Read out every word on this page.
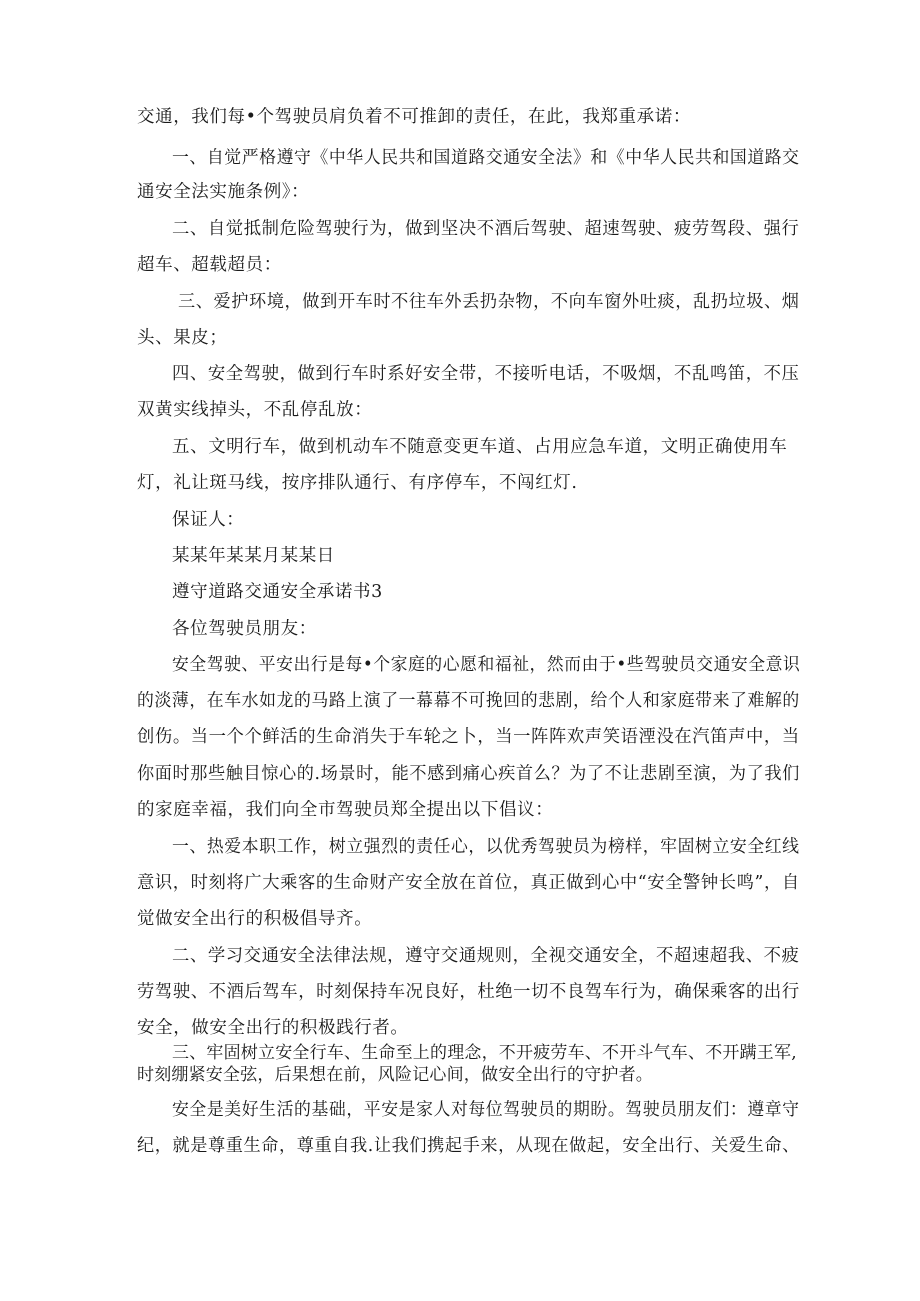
交通，我们每•个驾驶员肩负着不可推卸的责任，在此，我郑重承诺：
一、自觉严格遵守《中华人民共和国道路交通安全法》和《中华人民共和国道路交
通安全法实施条例》：
二、自觉抵制危险驾驶行为，做到坚决不酒后驾驶、超速驾驶、疲劳驾段、强行
超车、超载超员：
三、爱护环境，做到开车时不往车外丢扔杂物，不向车窗外吐痰，乱扔垃圾、烟
头、果皮；
四、安全驾驶，做到行车时系好安全带，不接听电话，不吸烟，不乱鸣笛，不压
双黄实线掉头，不乱停乱放：
五、文明行车，做到机动车不随意变更车道、占用应急车道，文明正确使用车
灯，礼让斑马线，按序排队通行、有序停车，不闯红灯.
保证人：
某某年某某月某某日
遵守道路交通安全承诺书3
各位驾驶员朋友：
安全驾驶、平安出行是每•个家庭的心愿和福祉，然而由于•些驾驶员交通安全意识
的淡薄，在车水如龙的马路上演了一幕幕不可挽回的悲剧，给个人和家庭带来了难解的
创伤。当一个个鲜活的生命消失于车轮之卜，当一阵阵欢声笑语湮没在汽笛声中，当
你面时那些触目惊心的.场景时，能不感到痛心疾首么？为了不让悲剧至演，为了我们
的家庭幸福，我们向全市驾驶员郑全提出以下倡议：
一、热爱本职工作，树立强烈的责任心，以优秀驾驶员为榜样，牢固树立安全红线
意识，时刻将广大乘客的生命财产安全放在首位，真正做到心中“安全警钟长鸣”，自
觉做安全出行的积极倡导齐。
二、学习交通安全法律法规，遵守交通规则，全视交通安全，不超速超我、不疲
劳驾驶、不酒后驾车，时刻保持车况良好，杜绝一切不良驾车行为，确保乘客的出行
安全，做安全出行的积极践行者。
三、牢固树立安全行车、生命至上的理念，不开疲劳车、不开斗气车、不开蹒王军,
时刻绷紧安全弦，后果想在前，风险记心间，做安全出行的守护者。
安全是美好生活的基础，平安是家人对每位驾驶员的期盼。驾驶员朋友们：遵章守
纪，就是尊重生命，尊重自我.让我们携起手来，从现在做起，安全出行、关爱生命、
